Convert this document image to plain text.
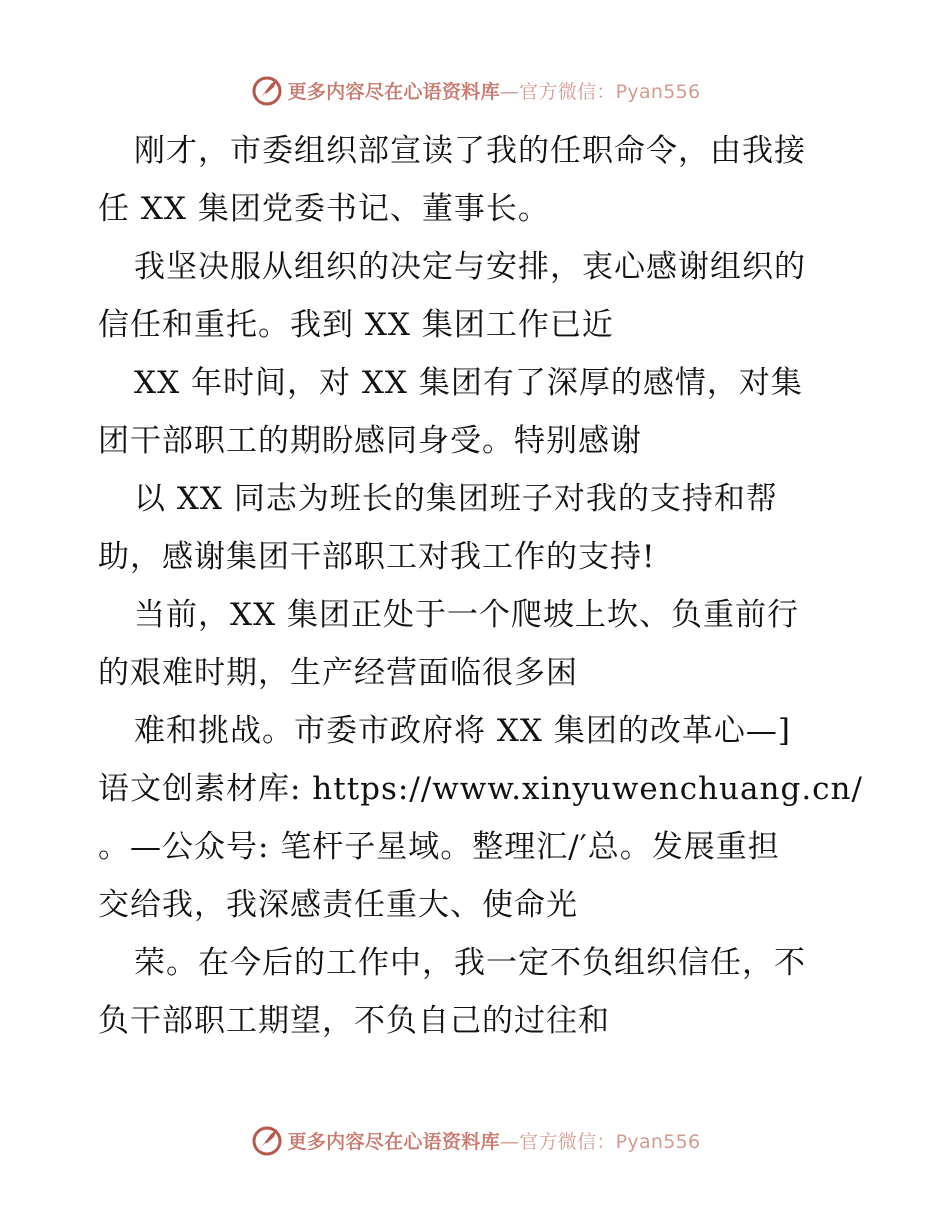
更多内容尽在心语资料库—官方微信：Pyan556
刚才，市委组织部宣读了我的任职命令，由我接
任 XX 集团党委书记、董事长。
我坚决服从组织的决定与安排，衷心感谢组织的
信任和重托。我到 XX 集团工作已近
XX 年时间，对 XX 集团有了深厚的感情，对集
团干部职工的期盼感同身受。特别感谢
以 XX 同志为班长的集团班子对我的支持和帮
助，感谢集团干部职工对我工作的支持!
当前，XX 集团正处于一个爬坡上坎、负重前行
的艰难时期，生产经营面临很多困
难和挑战。市委市政府将 XX 集团的改革心—]
语文创素材库: https://www.xinyuwenchuang.cn/
。—公众号: 笔杆子星域。整理汇/′总。发展重担
交给我，我深感责任重大、使命光
荣。在今后的工作中，我一定不负组织信任，不
负干部职工期望，不负自己的过往和
更多内容尽在心语资料库—官方微信：Pyan556
